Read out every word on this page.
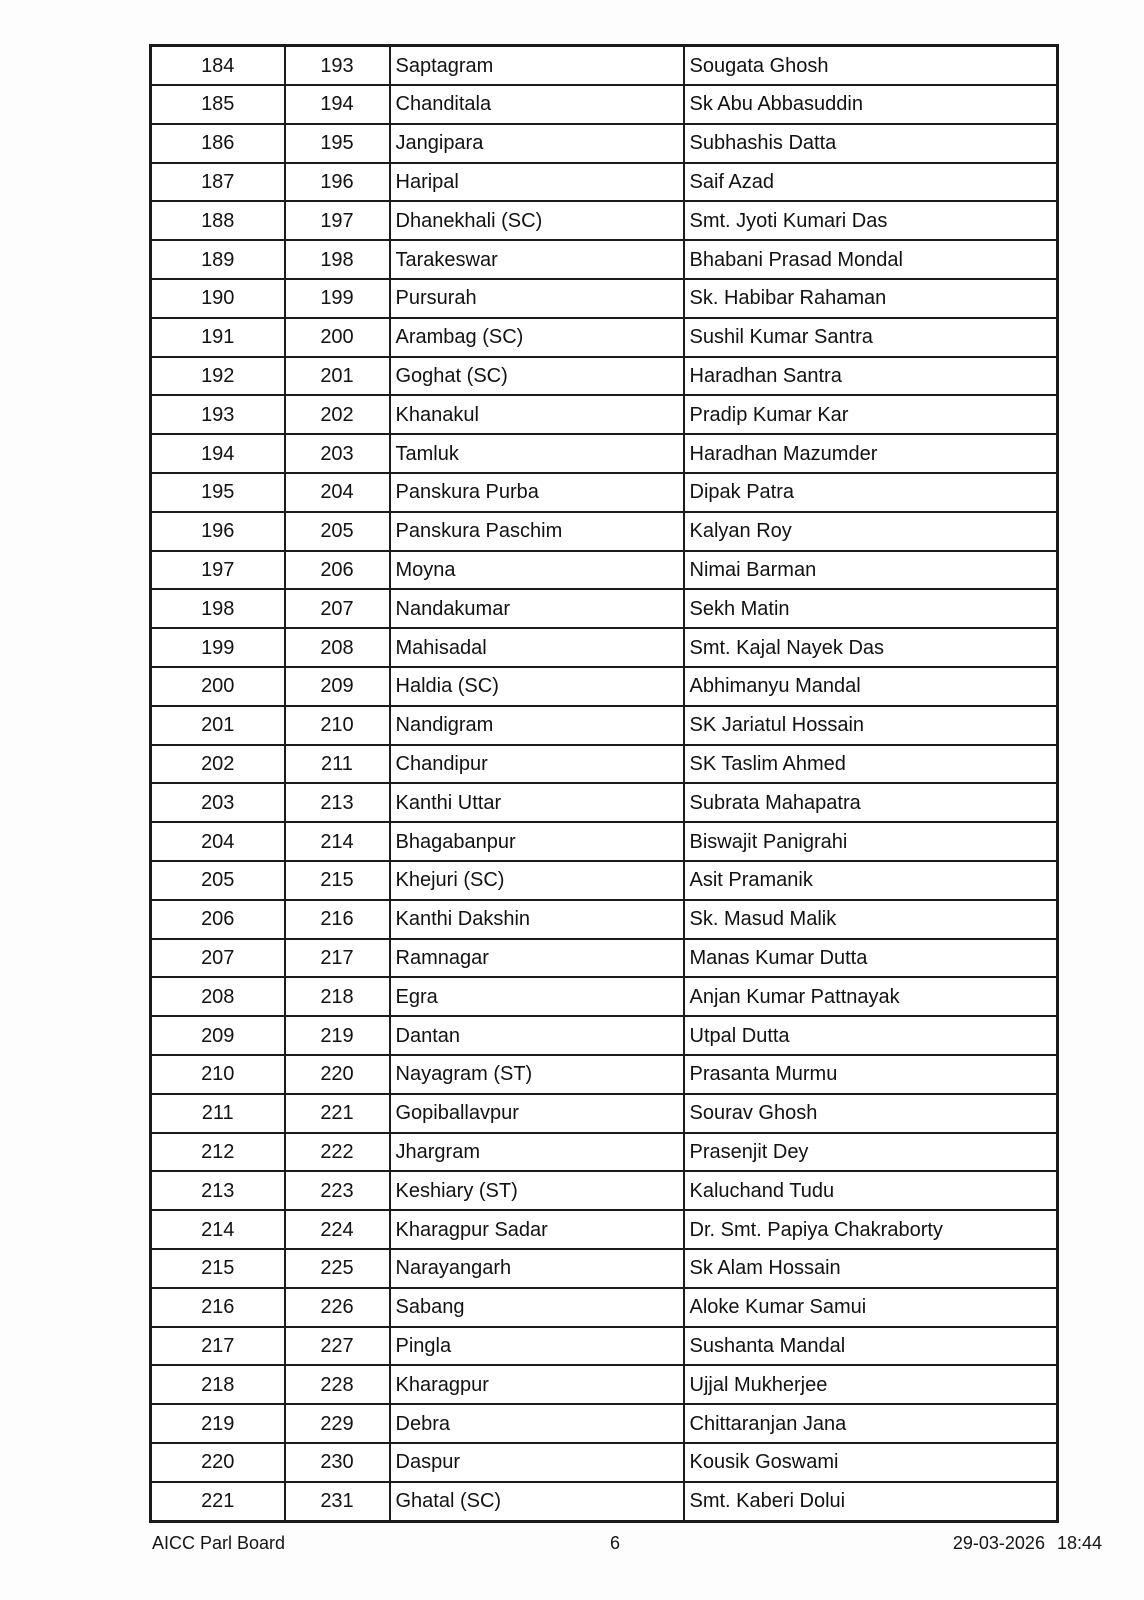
184	193	Saptagram	Sougata Ghosh
185	194	Chanditala	Sk Abu Abbasuddin
186	195	Jangipara	Subhashis Datta
187	196	Haripal	Saif Azad
188	197	Dhanekhali (SC)	Smt. Jyoti Kumari Das
189	198	Tarakeswar	Bhabani Prasad Mondal
190	199	Pursurah	Sk. Habibar Rahaman
191	200	Arambag (SC)	Sushil Kumar Santra
192	201	Goghat (SC)	Haradhan Santra
193	202	Khanakul	Pradip Kumar Kar
194	203	Tamluk	Haradhan Mazumder
195	204	Panskura Purba	Dipak Patra
196	205	Panskura Paschim	Kalyan Roy
197	206	Moyna	Nimai Barman
198	207	Nandakumar	Sekh Matin
199	208	Mahisadal	Smt. Kajal Nayek Das
200	209	Haldia (SC)	Abhimanyu Mandal
201	210	Nandigram	SK Jariatul Hossain
202	211	Chandipur	SK Taslim Ahmed
203	213	Kanthi Uttar	Subrata Mahapatra
204	214	Bhagabanpur	Biswajit Panigrahi
205	215	Khejuri (SC)	Asit Pramanik
206	216	Kanthi Dakshin	Sk. Masud Malik
207	217	Ramnagar	Manas Kumar Dutta
208	218	Egra	Anjan Kumar Pattnayak
209	219	Dantan	Utpal Dutta
210	220	Nayagram (ST)	Prasanta Murmu
211	221	Gopiballavpur	Sourav Ghosh
212	222	Jhargram	Prasenjit Dey
213	223	Keshiary (ST)	Kaluchand Tudu
214	224	Kharagpur Sadar	Dr. Smt. Papiya Chakraborty
215	225	Narayangarh	Sk Alam Hossain
216	226	Sabang	Aloke Kumar Samui
217	227	Pingla	Sushanta Mandal
218	228	Kharagpur	Ujjal Mukherjee
219	229	Debra	Chittaranjan Jana
220	230	Daspur	Kousik Goswami
221	231	Ghatal (SC)	Smt. Kaberi Dolui
AICC Parl Board	6	29-03-2026 18:44
